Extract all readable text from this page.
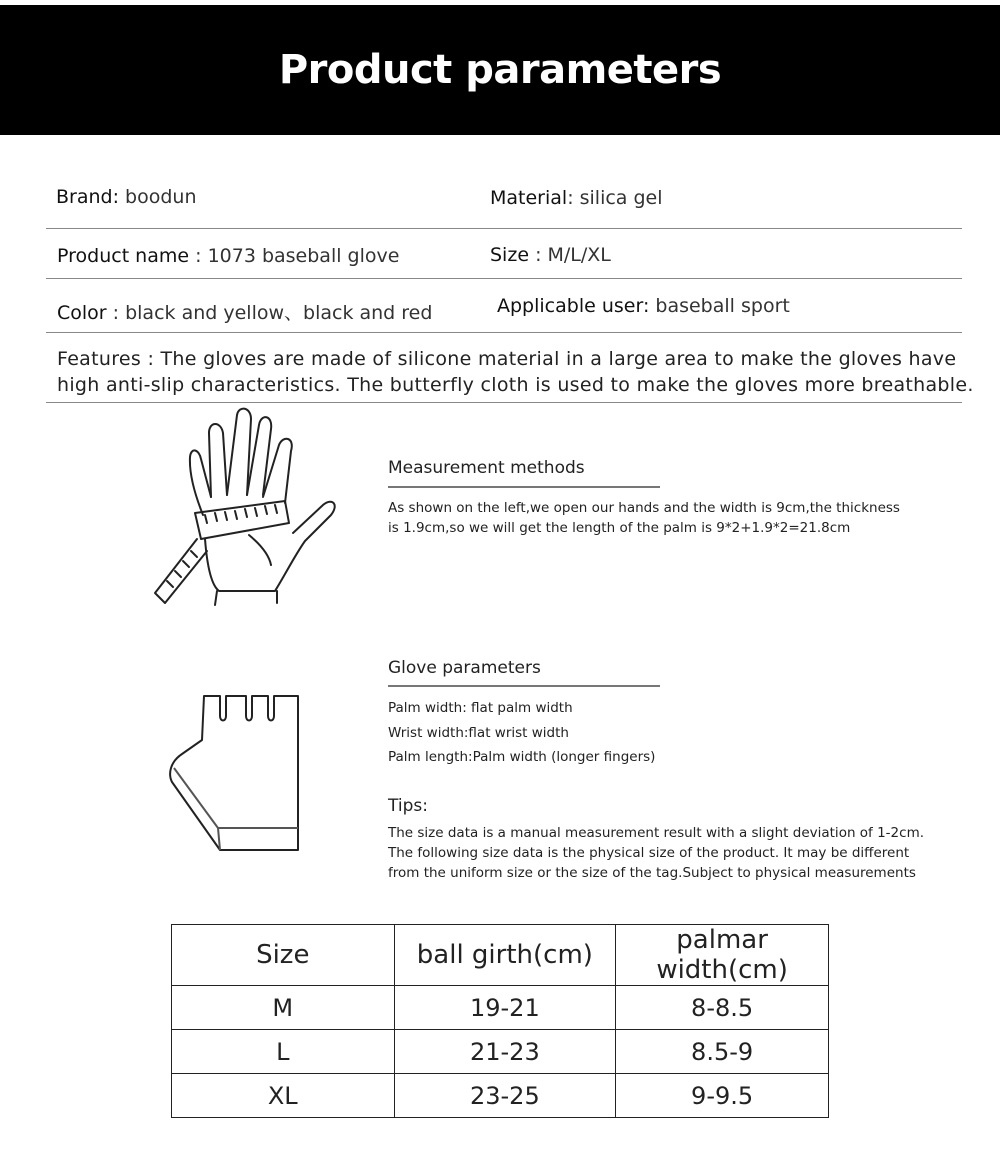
Product parameters
Brand: boodun	Material: silica gel
Product name : 1073 baseball glove	Size : M/L/XL
Color : black and yellow、black and red	Applicable user: baseball sport
Features : The gloves are made of silicone material in a large area to make the gloves have high anti-slip characteristics. The butterfly cloth is used to make the gloves more breathable.
Measurement methods
As shown on the left,we open our hands and the width is 9cm,the thickness
is 1.9cm,so we will get the length of the palm is 9*2+1.9*2=21.8cm
Glove parameters
Palm width: flat palm width
Wrist width:flat wrist width
Palm length:Palm width (longer fingers)
Tips:
The size data is a manual measurement result with a slight deviation of 1-2cm.
The following size data is the physical size of the product. It may be different
from the uniform size or the size of the tag.Subject to physical measurements
Size	ball girth(cm)	palmar width(cm)
M	19-21	8-8.5
L	21-23	8.5-9
XL	23-25	9-9.5
